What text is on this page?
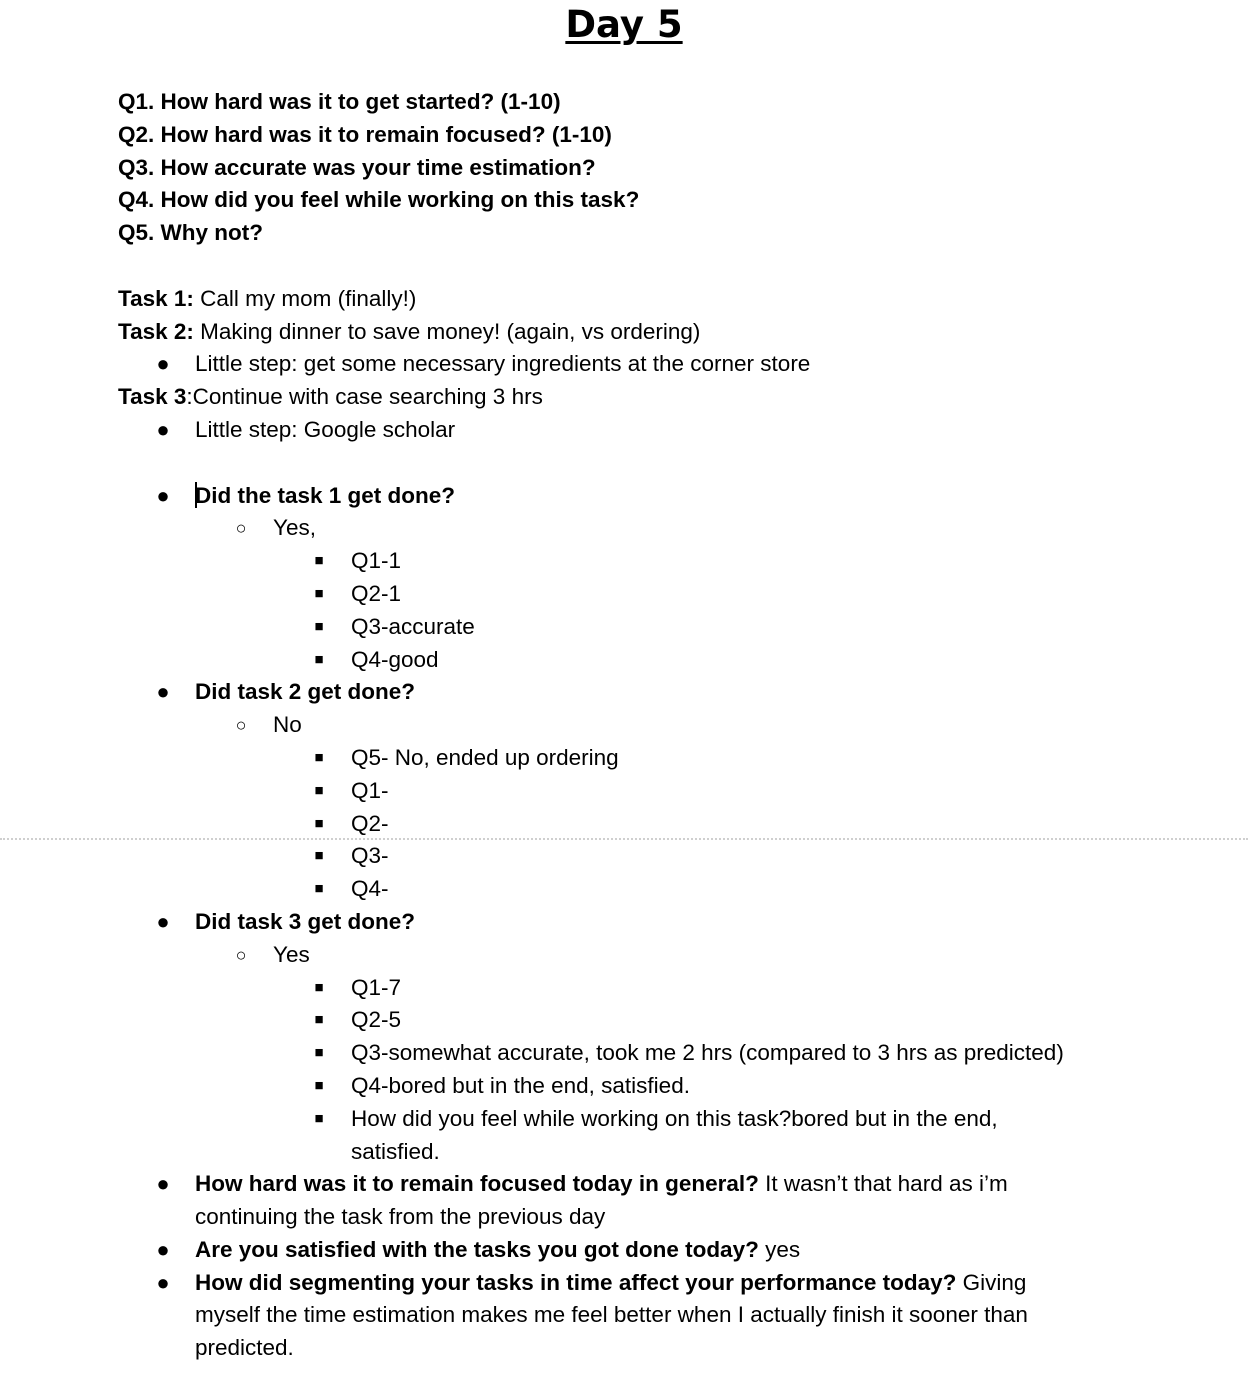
Day 5
Q1. How hard was it to get started? (1-10)
Q2. How hard was it to remain focused? (1-10)
Q3. How accurate was your time estimation?
Q4. How did you feel while working on this task?
Q5. Why not?
Task 1: Call my mom (finally!)
Task 2: Making dinner to save money! (again, vs ordering)
● Little step: get some necessary ingredients at the corner store
Task 3:Continue with case searching 3 hrs
● Little step: Google scholar
● Did the task 1 get done?
○ Yes,
■ Q1-1
■ Q2-1
■ Q3-accurate
■ Q4-good
● Did task 2 get done?
○ No
■ Q5- No, ended up ordering
■ Q1-
■ Q2-
■ Q3-
■ Q4-
● Did task 3 get done?
○ Yes
■ Q1-7
■ Q2-5
■ Q3-somewhat accurate, took me 2 hrs (compared to 3 hrs as predicted)
■ Q4-bored but in the end, satisfied.
■ How did you feel while working on this task?bored but in the end, satisfied.
● How hard was it to remain focused today in general? It wasn’t that hard as i’m continuing the task from the previous day
● Are you satisfied with the tasks you got done today? yes
● How did segmenting your tasks in time affect your performance today? Giving myself the time estimation makes me feel better when I actually finish it sooner than predicted.
